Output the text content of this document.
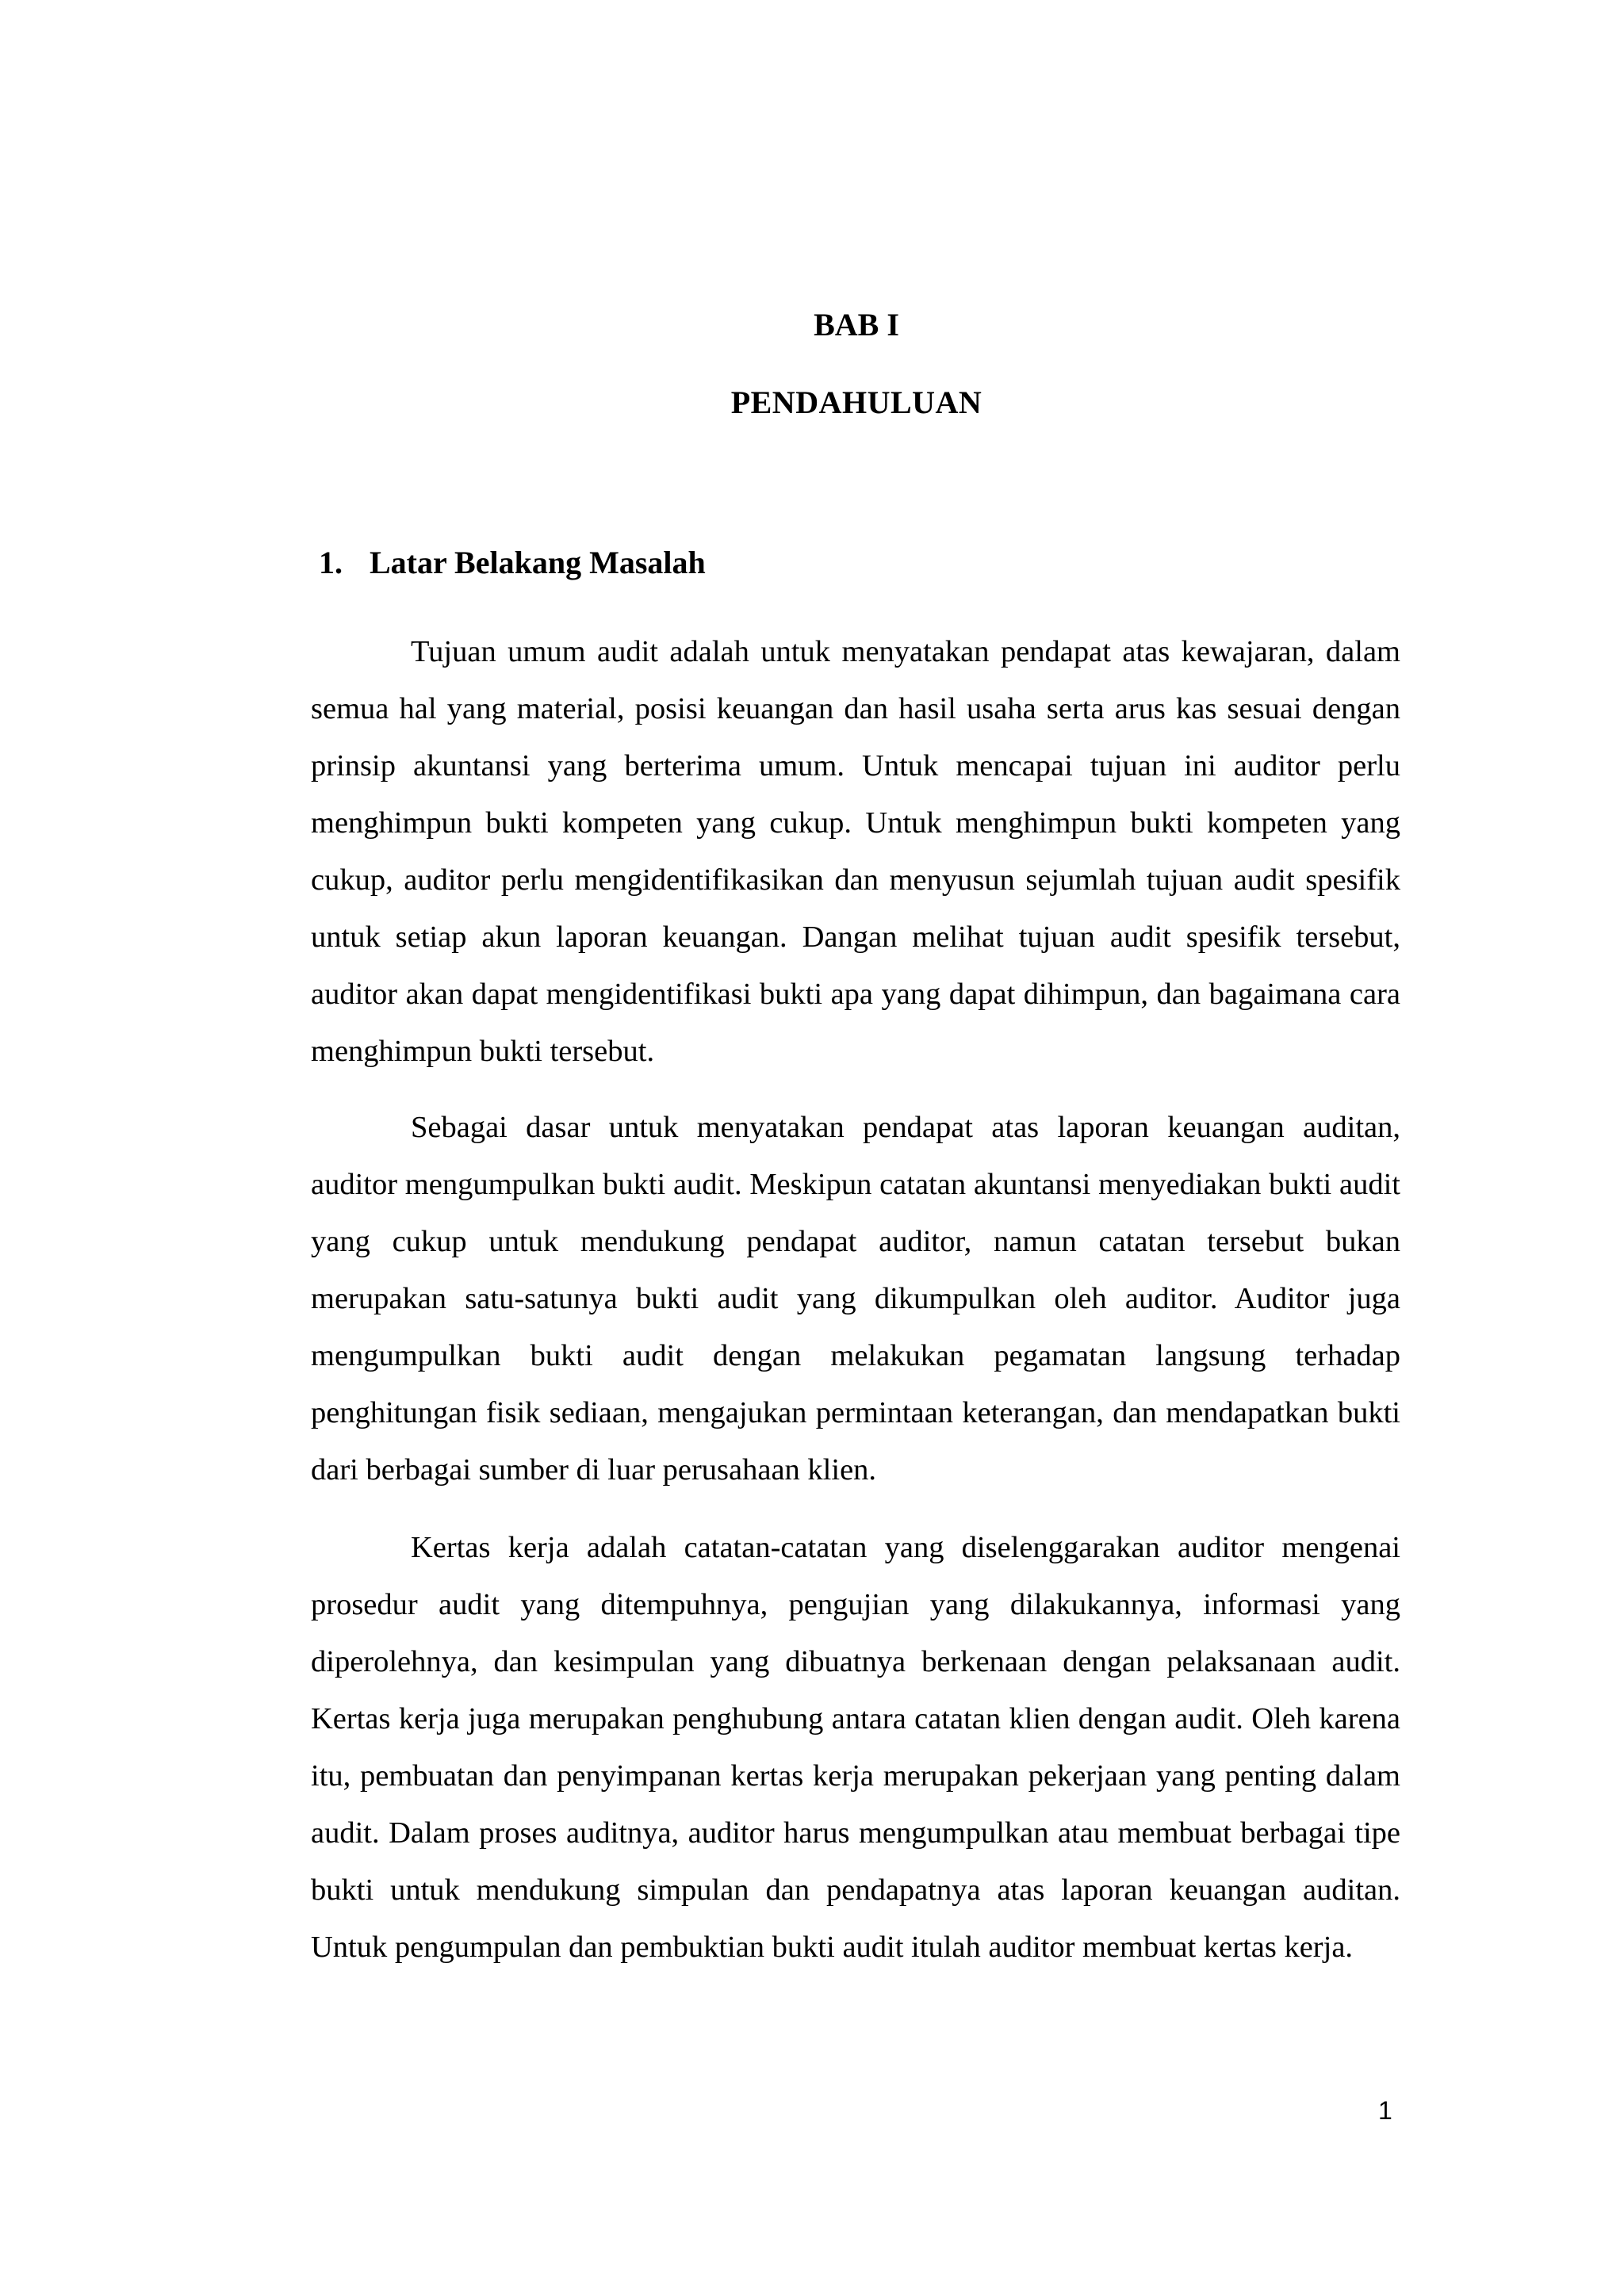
BAB I
PENDAHULUAN
1. Latar Belakang Masalah

Tujuan umum audit adalah untuk menyatakan pendapat atas kewajaran, dalam semua hal yang material, posisi keuangan dan hasil usaha serta arus kas sesuai dengan prinsip akuntansi yang berterima umum. Untuk mencapai tujuan ini auditor perlu menghimpun bukti kompeten yang cukup. Untuk menghimpun bukti kompeten yang cukup, auditor perlu mengidentifikasikan dan menyusun sejumlah tujuan audit spesifik untuk setiap akun laporan keuangan. Dangan melihat tujuan audit spesifik tersebut, auditor akan dapat mengidentifikasi bukti apa yang dapat dihimpun, dan bagaimana cara menghimpun bukti tersebut.

Sebagai dasar untuk menyatakan pendapat atas laporan keuangan auditan, auditor mengumpulkan bukti audit. Meskipun catatan akuntansi menyediakan bukti audit yang cukup untuk mendukung pendapat auditor, namun catatan tersebut bukan merupakan satu-satunya bukti audit yang dikumpulkan oleh auditor. Auditor juga mengumpulkan bukti audit dengan melakukan pegamatan langsung terhadap penghitungan fisik sediaan, mengajukan permintaan keterangan, dan mendapatkan bukti dari berbagai sumber di luar perusahaan klien.

Kertas kerja adalah catatan-catatan yang diselenggarakan auditor mengenai prosedur audit yang ditempuhnya, pengujian yang dilakukannya, informasi yang diperolehnya, dan kesimpulan yang dibuatnya berkenaan dengan pelaksanaan audit. Kertas kerja juga merupakan penghubung antara catatan klien dengan audit. Oleh karena itu, pembuatan dan penyimpanan kertas kerja merupakan pekerjaan yang penting dalam audit. Dalam proses auditnya, auditor harus mengumpulkan atau membuat berbagai tipe bukti untuk mendukung simpulan dan pendapatnya atas laporan keuangan auditan. Untuk pengumpulan dan pembuktian bukti audit itulah auditor membuat kertas kerja.

1
